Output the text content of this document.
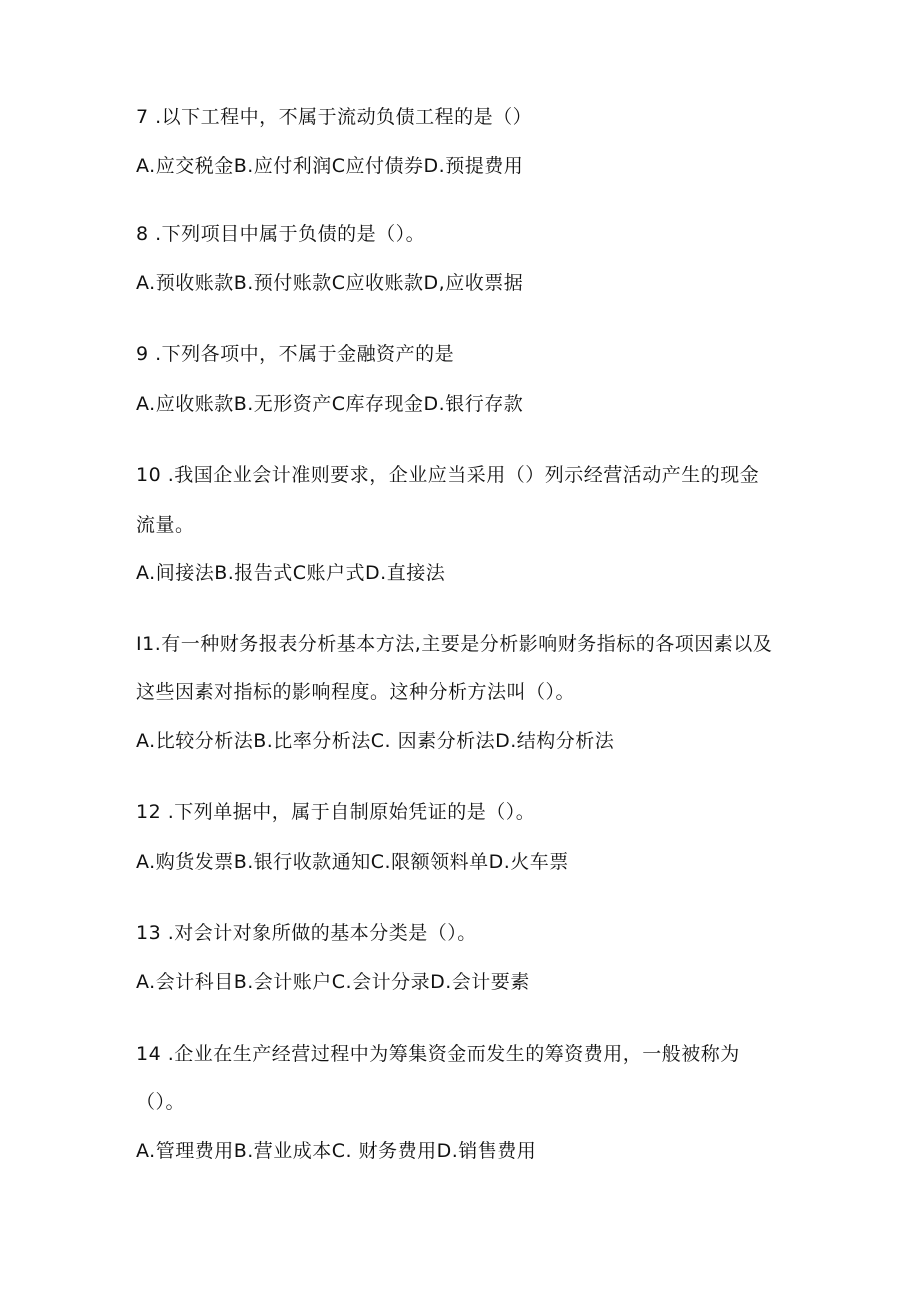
7 .以下工程中，不属于流动负债工程的是（）
A.应交税金B.应付利润C应付债券D.预提费用
8 .下列项目中属于负债的是（）。
A.预收账款B.预付账款C应收账款D,应收票据
9 .下列各项中，不属于金融资产的是
A.应收账款B.无形资产C库存现金D.银行存款
10 .我国企业会计准则要求，企业应当采用（）列示经营活动产生的现金
流量。
A.间接法B.报告式C账户式D.直接法
I1.有一种财务报表分析基本方法,主要是分析影响财务指标的各项因素以及
这些因素对指标的影响程度。这种分析方法叫（）。
A.比较分析法B.比率分析法C. 因素分析法D.结构分析法
12 .下列单据中，属于自制原始凭证的是（）。
A.购货发票B.银行收款通知C.限额领料单D.火车票
13 .对会计对象所做的基本分类是（）。
A.会计科目B.会计账户C.会计分录D.会计要素
14 .企业在生产经营过程中为筹集资金而发生的筹资费用，一般被称为
（）。
A.管理费用B.营业成本C. 财务费用D.销售费用
